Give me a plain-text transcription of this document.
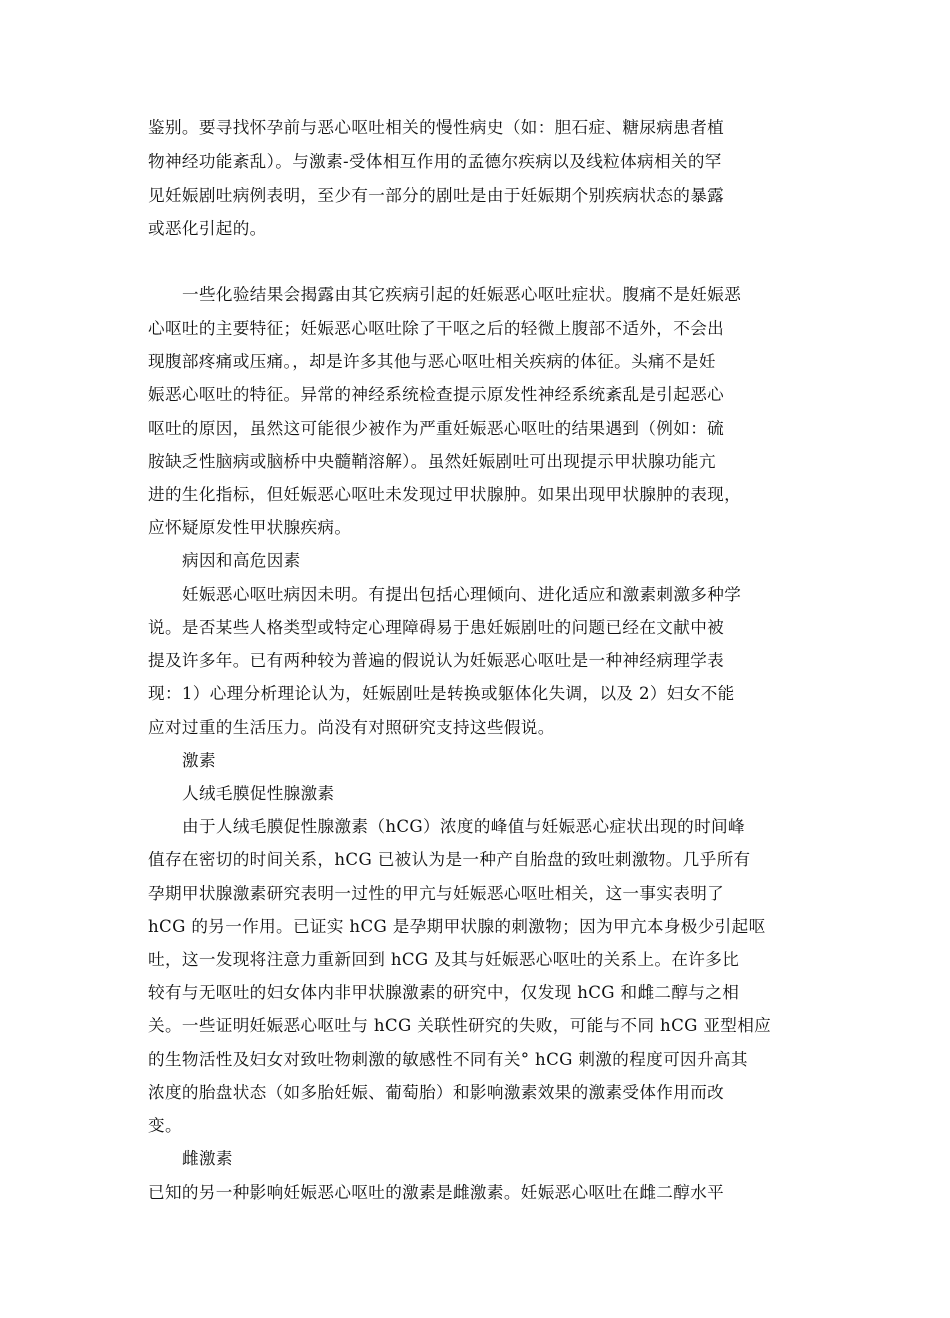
鉴别。要寻找怀孕前与恶心呕吐相关的慢性病史（如：胆石症、糖尿病患者植
物神经功能紊乱）。与激素-受体相互作用的孟德尔疾病以及线粒体病相关的罕
见妊娠剧吐病例表明，至少有一部分的剧吐是由于妊娠期个别疾病状态的暴露
或恶化引起的。
一些化验结果会揭露由其它疾病引起的妊娠恶心呕吐症状。腹痛不是妊娠恶
心呕吐的主要特征；妊娠恶心呕吐除了干呕之后的轻微上腹部不适外，不会出
现腹部疼痛或压痛。，却是许多其他与恶心呕吐相关疾病的体征。头痛不是妊
娠恶心呕吐的特征。异常的神经系统检查提示原发性神经系统紊乱是引起恶心
呕吐的原因，虽然这可能很少被作为严重妊娠恶心呕吐的结果遇到（例如：硫
胺缺乏性脑病或脑桥中央髓鞘溶解）。虽然妊娠剧吐可出现提示甲状腺功能亢
进的生化指标，但妊娠恶心呕吐未发现过甲状腺肿。如果出现甲状腺肿的表现，
应怀疑原发性甲状腺疾病。
病因和高危因素
妊娠恶心呕吐病因未明。有提出包括心理倾向、进化适应和激素刺激多种学
说。是否某些人格类型或特定心理障碍易于患妊娠剧吐的问题已经在文献中被
提及许多年。已有两种较为普遍的假说认为妊娠恶心呕吐是一种神经病理学表
现：1）心理分析理论认为，妊娠剧吐是转换或躯体化失调，以及 2）妇女不能
应对过重的生活压力。尚没有对照研究支持这些假说。
激素
人绒毛膜促性腺激素
由于人绒毛膜促性腺激素（hCG）浓度的峰值与妊娠恶心症状出现的时间峰
值存在密切的时间关系，hCG 已被认为是一种产自胎盘的致吐刺激物。几乎所有
孕期甲状腺激素研究表明一过性的甲亢与妊娠恶心呕吐相关，这一事实表明了
hCG 的另一作用。已证实 hCG 是孕期甲状腺的刺激物；因为甲亢本身极少引起呕
吐，这一发现将注意力重新回到 hCG 及其与妊娠恶心呕吐的关系上。在许多比
较有与无呕吐的妇女体内非甲状腺激素的研究中，仅发现 hCG 和雌二醇与之相
关。一些证明妊娠恶心呕吐与 hCG 关联性研究的失败，可能与不同 hCG 亚型相应
的生物活性及妇女对致吐物刺激的敏感性不同有关° hCG 刺激的程度可因升高其
浓度的胎盘状态（如多胎妊娠、葡萄胎）和影响激素效果的激素受体作用而改
变。
雌激素
已知的另一种影响妊娠恶心呕吐的激素是雌激素。妊娠恶心呕吐在雌二醇水平
